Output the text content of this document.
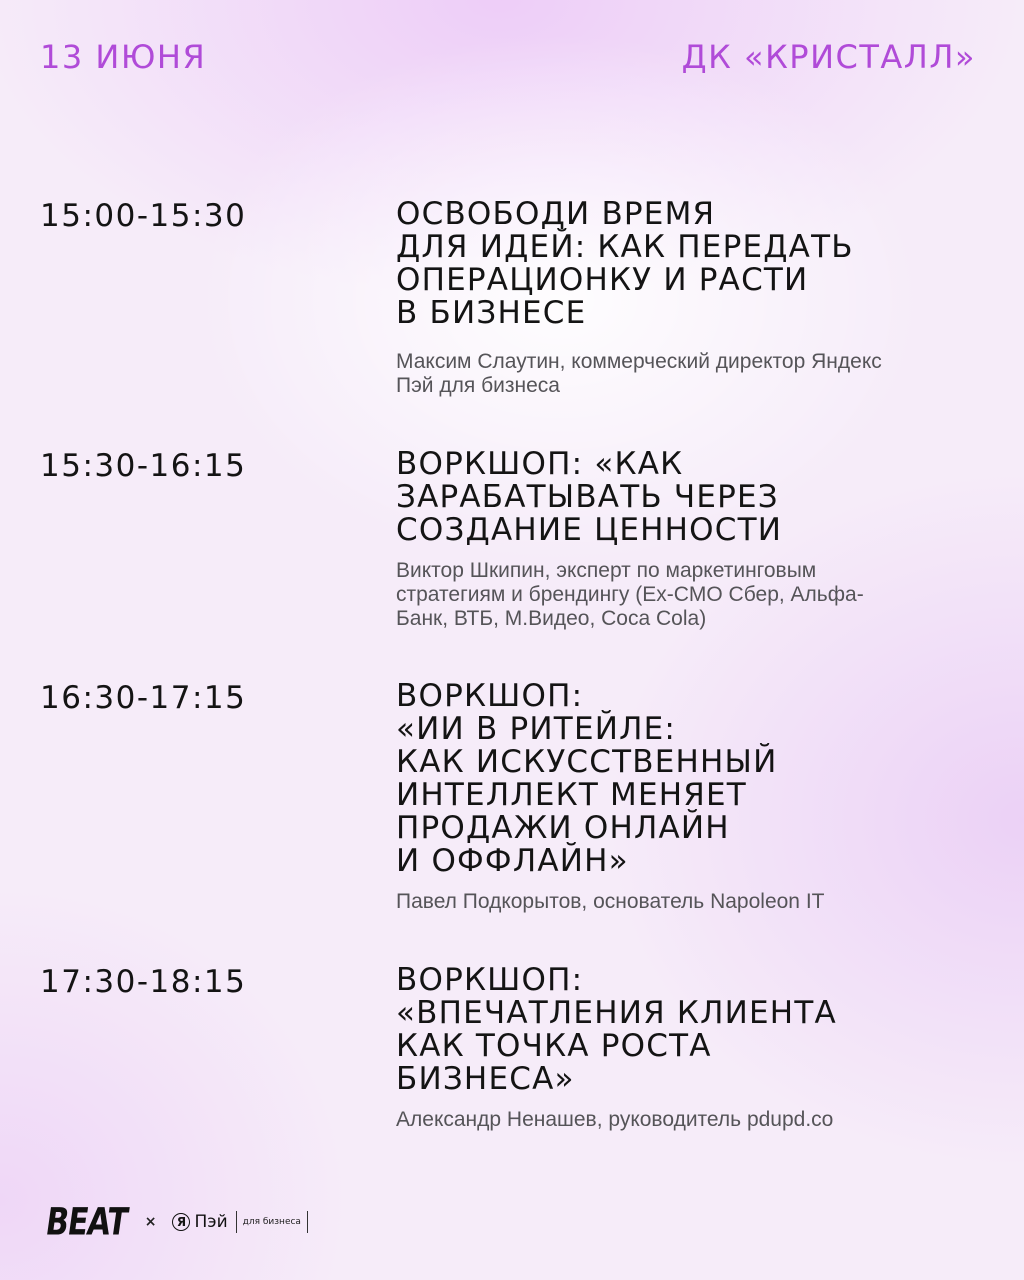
13 ИЮНЯ	ДК «КРИСТАЛЛ»
15:00-15:30	ОСВОБОДИ ВРЕМЯ
ДЛЯ ИДЕЙ: КАК ПЕРЕДАТЬ
ОПЕРАЦИОНКУ И РАСТИ
В БИЗНЕСЕ
Максим Слаутин, коммерческий директор Яндекс
Пэй для бизнеса
15:30-16:15	ВОРКШОП: «КАК
ЗАРАБАТЫВАТЬ ЧЕРЕЗ
СОЗДАНИЕ ЦЕННОСТИ
Виктор Шкипин, эксперт по маркетинговым
стратегиям и брендингу (Ex-CMO Сбер, Альфа-
Банк, ВТБ, М.Видео, Coca Cola)
16:30-17:15	ВОРКШОП:
«ИИ В РИТЕЙЛЕ:
КАК ИСКУССТВЕННЫЙ
ИНТЕЛЛЕКТ МЕНЯЕТ
ПРОДАЖИ ОНЛАЙН
И ОФФЛАЙН»
Павел Подкорытов, основатель Napoleon IT
17:30-18:15	ВОРКШОП:
«ВПЕЧАТЛЕНИЯ КЛИЕНТА
КАК ТОЧКА РОСТА
БИЗНЕСА»
Александр Ненашев, руководитель pdupd.co
BEAT ×	Я Пэй для бизнеса
